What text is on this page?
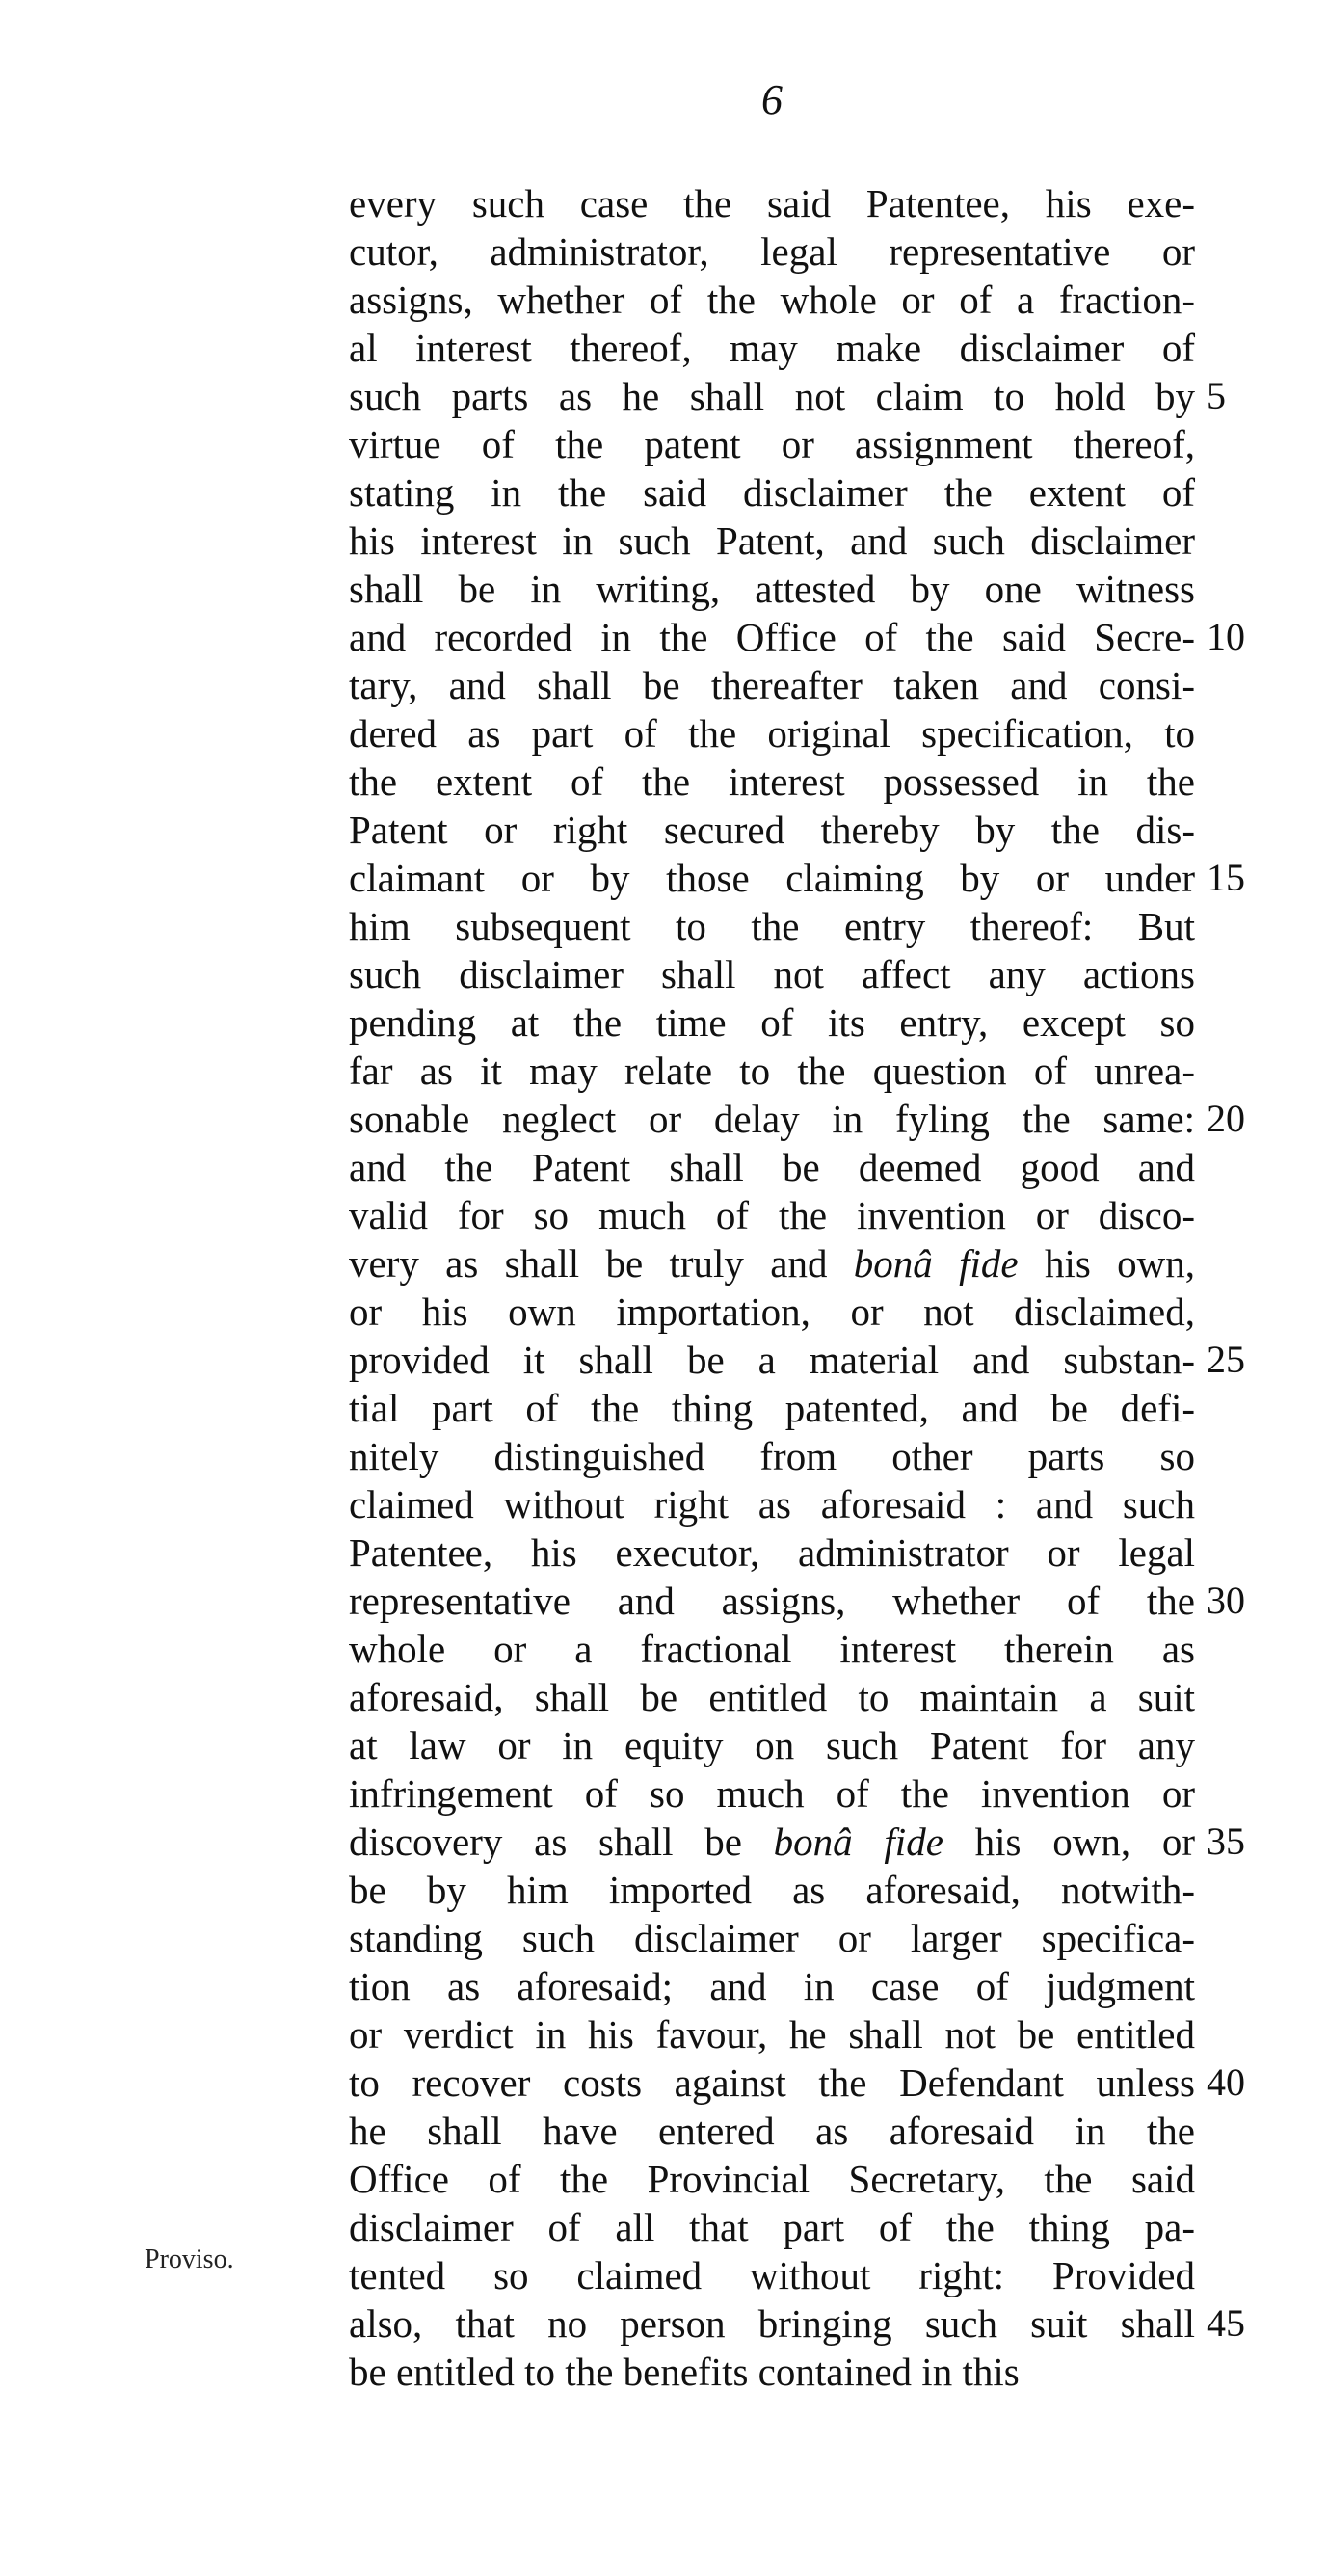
6
every such case the said Patentee, his exe-
cutor, administrator, legal representative or
assigns, whether of the whole or of a fraction-
al interest thereof, may make disclaimer of
such parts as he shall not claim to hold by
virtue of the patent or assignment thereof,
stating in the said disclaimer the extent of
his interest in such Patent, and such disclaimer
shall be in writing, attested by one witness
and recorded in the Office of the said Secre-
tary, and shall be thereafter taken and consi-
dered as part of the original specification, to
the extent of the interest possessed in the
Patent or right secured thereby by the dis-
claimant or by those claiming by or under
him subsequent to the entry thereof: But
such disclaimer shall not affect any actions
pending at the time of its entry, except so
far as it may relate to the question of unrea-
sonable neglect or delay in fyling the same:
and the Patent shall be deemed good and
valid for so much of the invention or disco-
very as shall be truly and bonâ fide his own,
or his own importation, or not disclaimed,
provided it shall be a material and substan-
tial part of the thing patented, and be defi-
nitely distinguished from other parts so
claimed without right as aforesaid : and such
Patentee, his executor, administrator or legal
representative and assigns, whether of the
whole or a fractional interest therein as
aforesaid, shall be entitled to maintain a suit
at law or in equity on such Patent for any
infringement of so much of the invention or
discovery as shall be bonâ fide his own, or
be by him imported as aforesaid, notwith-
standing such disclaimer or larger specifica-
tion as aforesaid; and in case of judgment
or verdict in his favour, he shall not be entitled
to recover costs against the Defendant unless
he shall have entered as aforesaid in the
Office of the Provincial Secretary, the said
disclaimer of all that part of the thing pa-
tented so claimed without right: Provided
also, that no person bringing such suit shall
be entitled to the benefits contained in this
5
10
15
20
25
30
35
40
45
Proviso.
